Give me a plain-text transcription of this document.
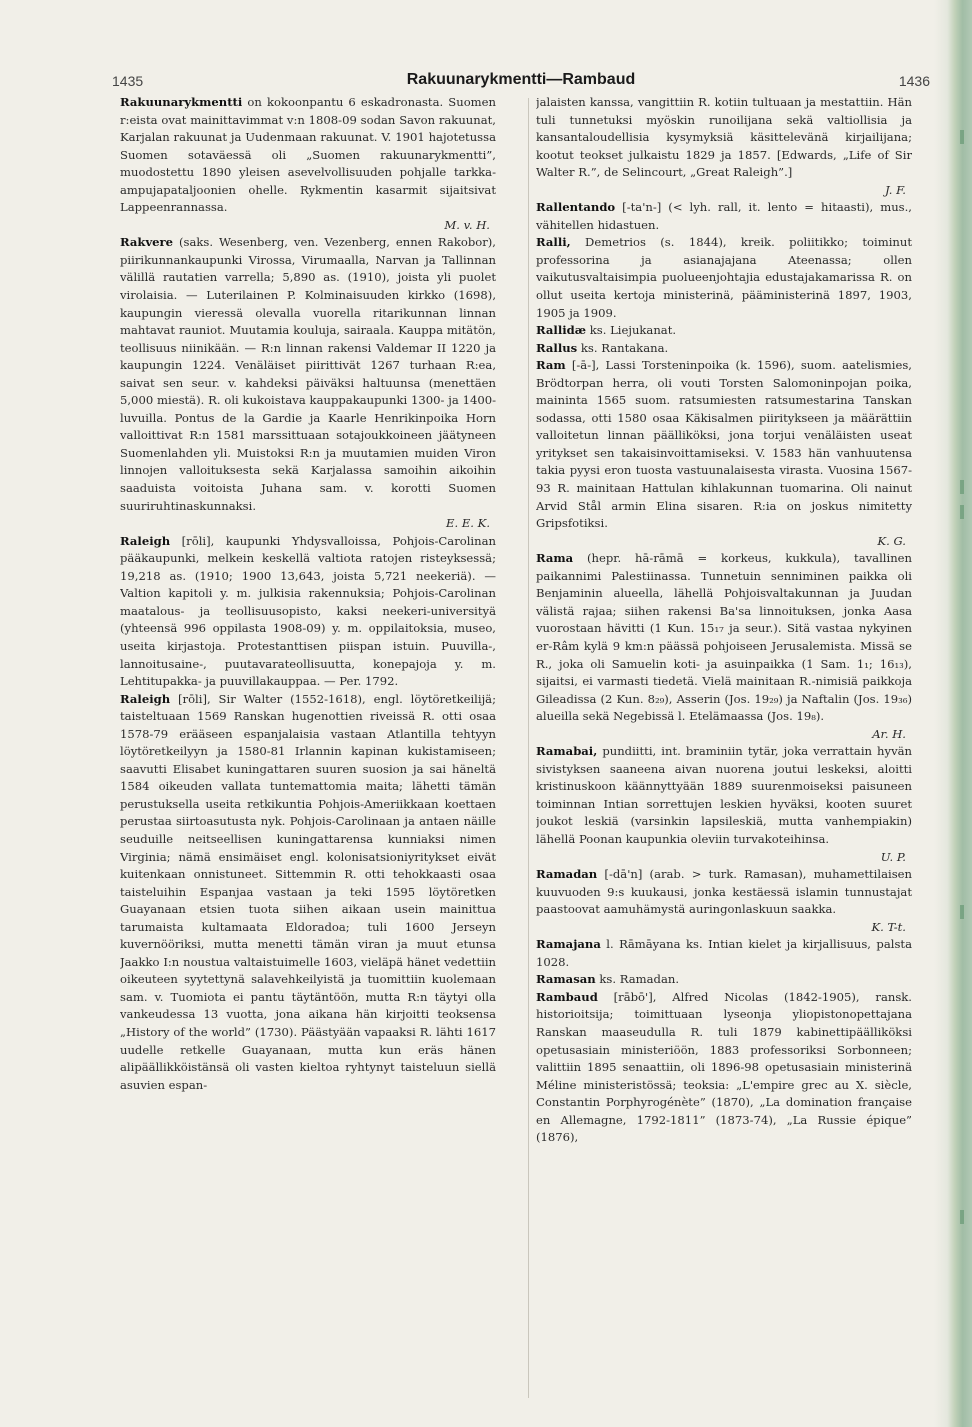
1435	Rakuunarykmentti—Rambaud	1436

Rakuunarykmentti on kokoonpantu 6 eskadronasta. Suomen r:eista ovat mainittavimmat v:n 1808-09 sodan Savon rakuunat, Karjalan rakuunat ja Uudenmaan rakuunat. V. 1901 hajotetussa Suomen sotaväessä oli „Suomen rakuunarykmentti”, muodostettu 1890 yleisen asevelvollisuuden pohjalle tarkka-ampujapataljoonien ohelle. Rykmentin kasarmit sijaitsivat Lappeenrannassa.
M. v. H.

Rakvere (saks. Wesenberg, ven. Vezenberg, ennen Rakobor), piirikunnankaupunki Virossa, Virumaalla, Narvan ja Tallinnan välillä rautatien varrella; 5,890 as. (1910), joista yli puolet virolaisia. — Luterilainen P. Kolminaisuuden kirkko (1698), kaupungin vieressä olevalla vuorella ritarikunnan linnan mahtavat rauniot. Muutamia kouluja, sairaala. Kauppa mitätön, teollisuus niinikään. — R:n linnan rakensi Valdemar II 1220 ja kaupungin 1224. Venäläiset piirittivät 1267 turhaan R:ea, saivat sen seur. v. kahdeksi päiväksi haltuunsa (menettäen 5,000 miestä). R. oli kukoistava kauppakaupunki 1300- ja 1400-luvuilla. Pontus de la Gardie ja Kaarle Henrikinpoika Horn valloittivat R:n 1581 marssittuaan sotajoukkoineen jäätyneen Suomenlahden yli. Muistoksi R:n ja muutamien muiden Viron linnojen valloituksesta sekä Karjalassa samoihin aikoihin saaduista voitoista Juhana sam. v. korotti Suomen suuriruhtinaskunnaksi.
E. E. K.

Raleigh [rōli], kaupunki Yhdysvalloissa, Pohjois-Carolinan pääkaupunki, melkein keskellä valtiota ratojen risteyksessä; 19,218 as. (1910; 1900 13,643, joista 5,721 neekeriä). — Valtion kapitoli y. m. julkisia rakennuksia; Pohjois-Carolinan maatalous- ja teollisuusopisto, kaksi neekeri-universityä (yhteensä 996 oppilasta 1908-09) y. m. oppilaitoksia, museo, useita kirjastoja. Protestanttisen piispan istuin. Puuvilla-, lannoitusaine-, puutavarateollisuutta, konepajoja y. m. Lehtitupakka- ja puuvillakauppaa. — Per. 1792.

Raleigh [rōli], Sir Walter (1552-1618), engl. löytöretkeilijä; taisteltuaan 1569 Ranskan hugenottien riveissä R. otti osaa 1578-79 erääseen espanjalaisia vastaan Atlantilla tehtyyn löytöretkeilyyn ja 1580-81 Irlannin kapinan kukistamiseen; saavutti Elisabet kuningattaren suuren suosion ja sai häneltä 1584 oikeuden vallata tuntemattomia maita; lähetti tämän perustuksella useita retkikuntia Pohjois-Ameriikkaan koettaen perustaa siirtoasutusta nyk. Pohjois-Carolinaan ja antaen näille seuduille neitseellisen kuningattarensa kunniaksi nimen Virginia; nämä ensimäiset engl. kolonisatsioniyritykset eivät kuitenkaan onnistuneet. Sittemmin R. otti tehokkaasti osaa taisteluihin Espanjaa vastaan ja teki 1595 löytöretken Guayanaan etsien tuota siihen aikaan usein mainittua tarumaista kultamaata Eldoradoa; tuli 1600 Jerseyn kuvernööriksi, mutta menetti tämän viran ja muut etunsa Jaakko I:n noustua valtaistuimelle 1603, vieläpä hänet vedettiin oikeuteen syytettynä salavehkeilyistä ja tuomittiin kuolemaan sam. v. Tuomiota ei pantu täytäntöön, mutta R:n täytyi olla vankeudessa 13 vuotta, jona aikana hän kirjoitti teoksensa „History of the world” (1730). Päästyään vapaaksi R. lähti 1617 uudelle retkelle Guayanaan, mutta kun eräs hänen alipäällikköistänsä oli vasten kieltoa ryhtynyt taisteluun siellä asuvien espan-

jalaisten kanssa, vangittiin R. kotiin tultuaan ja mestattiin. Hän tuli tunnetuksi myöskin runoilijana sekä valtiollisia ja kansantaloudellisia kysymyksiä käsittelevänä kirjailijana; kootut teokset julkaistu 1829 ja 1857. [Edwards, „Life of Sir Walter R.”, de Selincourt, „Great Raleigh”.]
J. F.

Rallentando [-ta'n-] (< lyh. rall, it. lento = hitaasti), mus., vähitellen hidastuen.

Ralli, Demetrios (s. 1844), kreik. poliitikko; toiminut professorina ja asianajajana Ateenassa; ollen vaikutusvaltaisimpia puolueenjohtajia edustajakamarissa R. on ollut useita kertoja ministerinä, pääministerinä 1897, 1903, 1905 ja 1909.

Rallidæ ks. Liejukanat.

Rallus ks. Rantakana.

Ram [-ā-], Lassi Torsteninpoika (k. 1596), suom. aatelismies, Brödtorpan herra, oli vouti Torsten Salomoninpojan poika, maininta 1565 suom. ratsumiesten ratsumestarina Tanskan sodassa, otti 1580 osaa Käkisalmen piiritykseen ja määrättiin valloitetun linnan päälliköksi, jona torjui venäläisten useat yritykset sen takaisinvoittamiseksi. V. 1583 hän vanhuutensa takia pyysi eron tuosta vastuunalaisesta virasta. Vuosina 1567-93 R. mainitaan Hattulan kihlakunnan tuomarina. Oli nainut Arvid Stål armin Elina sisaren. R:ia on joskus nimitetty Gripsfotiksi.
K. G.

Rama (hepr. hā-rāmā = korkeus, kukkula), tavallinen paikannimi Palestiinassa. Tunnetuin senniminen paikka oli Benjaminin alueella, lähellä Pohjoisvaltakunnan ja Juudan välistä rajaa; siihen rakensi Ba'sa linnoituksen, jonka Aasa vuorostaan hävitti (1 Kun. 15₁₇ ja seur.). Sitä vastaa nykyinen er-Râm kylä 9 km:n päässä pohjoiseen Jerusalemista. Missä se R., joka oli Samuelin koti- ja asuinpaikka (1 Sam. 1₁; 16₁₃), sijaitsi, ei varmasti tiedetä. Vielä mainitaan R.-nimisiä paikkoja Gileadissa (2 Kun. 8₂₉), Asserin (Jos. 19₂₉) ja Naftalin (Jos. 19₃₆) alueilla sekä Negebissä l. Etelämaassa (Jos. 19₈).
Ar. H.

Ramabai, pundiitti, int. braminiin tytär, joka verrattain hyvän sivistyksen saaneena aivan nuorena joutui leskeksi, aloitti kristinuskoon käännyttyään 1889 suurenmoiseksi paisuneen toiminnan Intian sorrettujen leskien hyväksi, kooten suuret joukot leskiä (varsinkin lapsileskiä, mutta vanhempiakin) lähellä Poonan kaupunkia oleviin turvakoteihinsa.
U. P.

Ramadan [-dā'n] (arab. > turk. Ramasan), muhamettilaisen kuuvuoden 9:s kuukausi, jonka kestäessä islamin tunnustajat paastoovat aamuhämystä auringonlaskuun saakka.
K. T-t.

Ramajana l. Rāmāyana ks. Intian kielet ja kirjallisuus, palsta 1028.

Ramasan ks. Ramadan.

Rambaud [rābō'], Alfred Nicolas (1842-1905), ransk. historioitsija; toimittuaan lyseonja yliopistonopettajana Ranskan maaseudulla R. tuli 1879 kabinettipäälliköksi opetusasiain ministeriöön, 1883 professoriksi Sorbonneen; valittiin 1895 senaattiin, oli 1896-98 opetusasiain ministerinä Méline ministeristössä; teoksia: „L'empire grec au X. siècle, Constantin Porphyrogénète” (1870), „La domination française en Allemagne, 1792-1811” (1873-74), „La Russie épique” (1876),
